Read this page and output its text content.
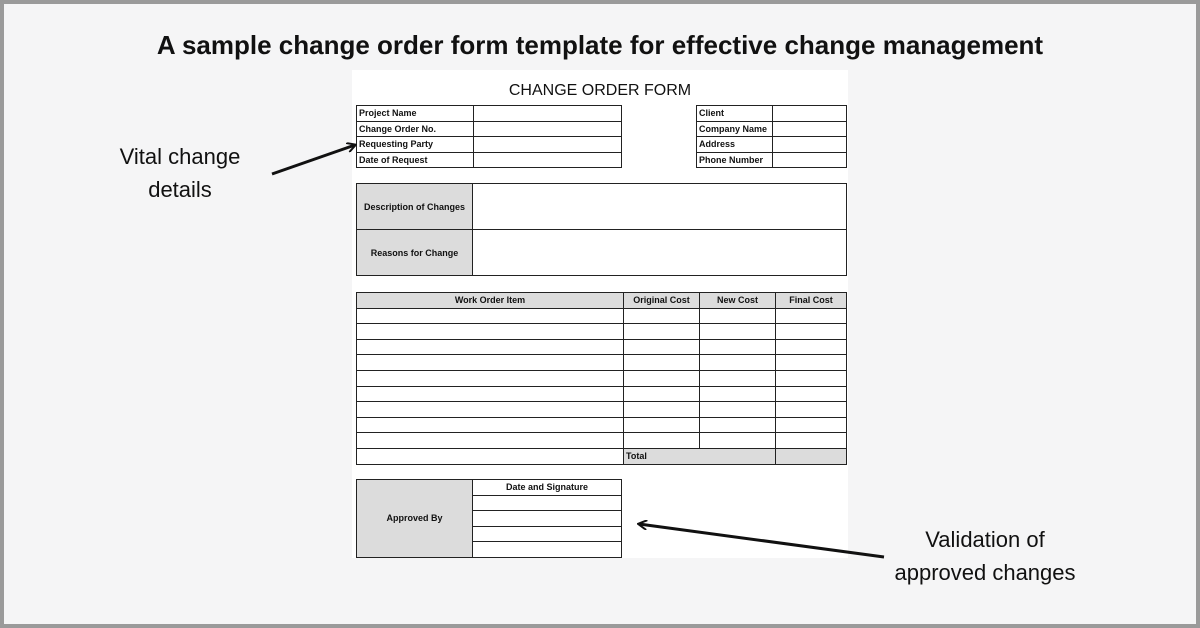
A sample change order form template for effective change management
CHANGE ORDER FORM
Project Name	
Change Order No.	
Requesting Party	
Date of Request	
Client	
Company Name	
Address	
Phone Number	
Description of Changes	
Reasons for Change	
Work Order Item	Original Cost	New Cost	Final Cost

	Total		
Approved By	Date and Signature

Vital change
details
Validation of
approved changes
